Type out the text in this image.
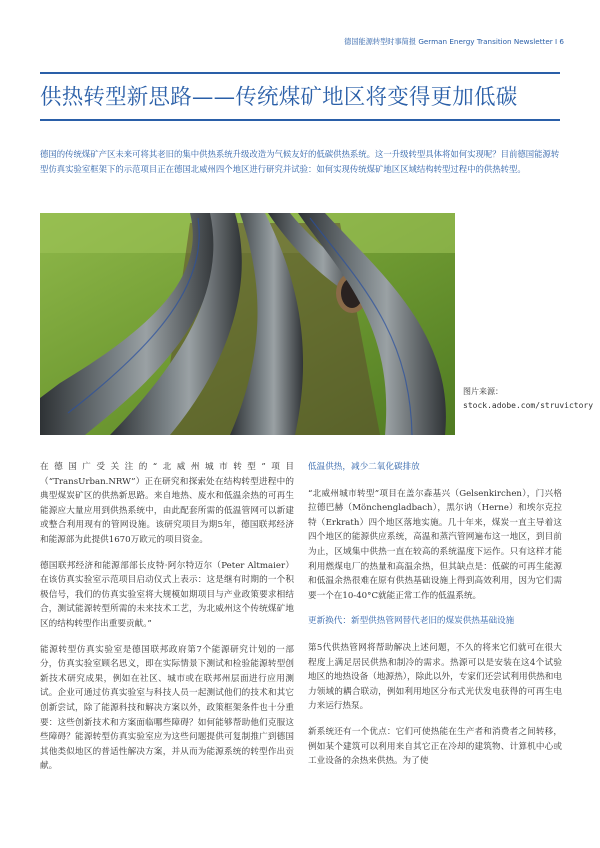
德国能源转型时事简报 German Energy Transition Newsletter I 6
供热转型新思路——传统煤矿地区将变得更加低碳
德国的传统煤矿产区未来可将其老旧的集中供热系统升级改造为气候友好的低碳供热系统。这一升级转型具体将如何实现呢？目前德国能源转型仿真实验室框架下的示范项目正在德国北威州四个地区进行研究并试验：如何实现传统煤矿地区区域结构转型过程中的供热转型。
图片来源：stock.adobe.com/struvictory

在德国广受关注的“北威州城市转型”项目（“TransUrban.NRW”）正在研究和探索处在结构转型进程中的典型煤炭矿区的供热新思路。来自地热、废水和低温余热的可再生能源应大量应用到供热系统中，由此配套所需的低温管网可以新建或整合利用现有的管网设施。该研究项目为期5年，德国联邦经济和能源部为此提供1670万欧元的项目资金。

德国联邦经济和能源部部长皮特·阿尔特迈尔（Peter Altmaier）在该仿真实验室示范项目启动仪式上表示：这是继有时期的一个积极信号，我们的仿真实验室将大规模如期项目与产业政策要求相结合，测试能源转型所需的未来技术工艺，为北威州这个传统煤矿地区的结构转型作出重要贡献。”

能源转型仿真实验室是德国联邦政府第7个能源研究计划的一部分，仿真实验室顾名思义，即在实际情景下测试和检验能源转型创新技术研究成果，例如在社区、城市或在联邦州层面进行应用测试。企业可通过仿真实验室与科技人员一起测试他们的技术和其它创新尝试，除了能源科技和解决方案以外，政策框架条件也十分重要：这些创新技术和方案面临哪些障碍？如何能够帮助他们克服这些障碍？能源转型仿真实验室应为这些问题提供可复制推广到德国其他类似地区的普适性解决方案，并从而为能源系统的转型作出贡献。

低温供热，减少二氧化碳排放

“北威州城市转型”项目在盖尔森基兴（Gelsenkirchen），门兴格拉德巴赫（Mönchengladbach），黑尔讷（Herne）和埃尔克拉特（Erkrath）四个地区落地实施。几十年来，煤炭一直主导着这四个地区的能源供应系统，高温和蒸汽管网遍布这一地区，到目前为止，区域集中供热一直在较高的系统温度下运作。只有这样才能利用燃煤电厂的热量和高温余热，但其缺点是：低碳的可再生能源和低温余热很难在原有供热基础设施上得到高效利用，因为它们需要一个在10-40°C就能正常工作的低温系统。

更新换代：新型供热管网替代老旧的煤炭供热基础设施

第5代供热管网将帮助解决上述问题，不久的将来它们就可在很大程度上满足居民供热和制冷的需求。热源可以是安装在这4个试验地区的地热设备（地源热），除此以外，专家们还尝试利用供热和电力领域的耦合联动，例如利用地区分布式光伏发电获得的可再生电力来运行热泵。

新系统还有一个优点：它们可使热能在生产者和消费者之间转移，例如某个建筑可以利用来自其它正在冷却的建筑物、计算机中心或工业设备的余热来供热。为了使
